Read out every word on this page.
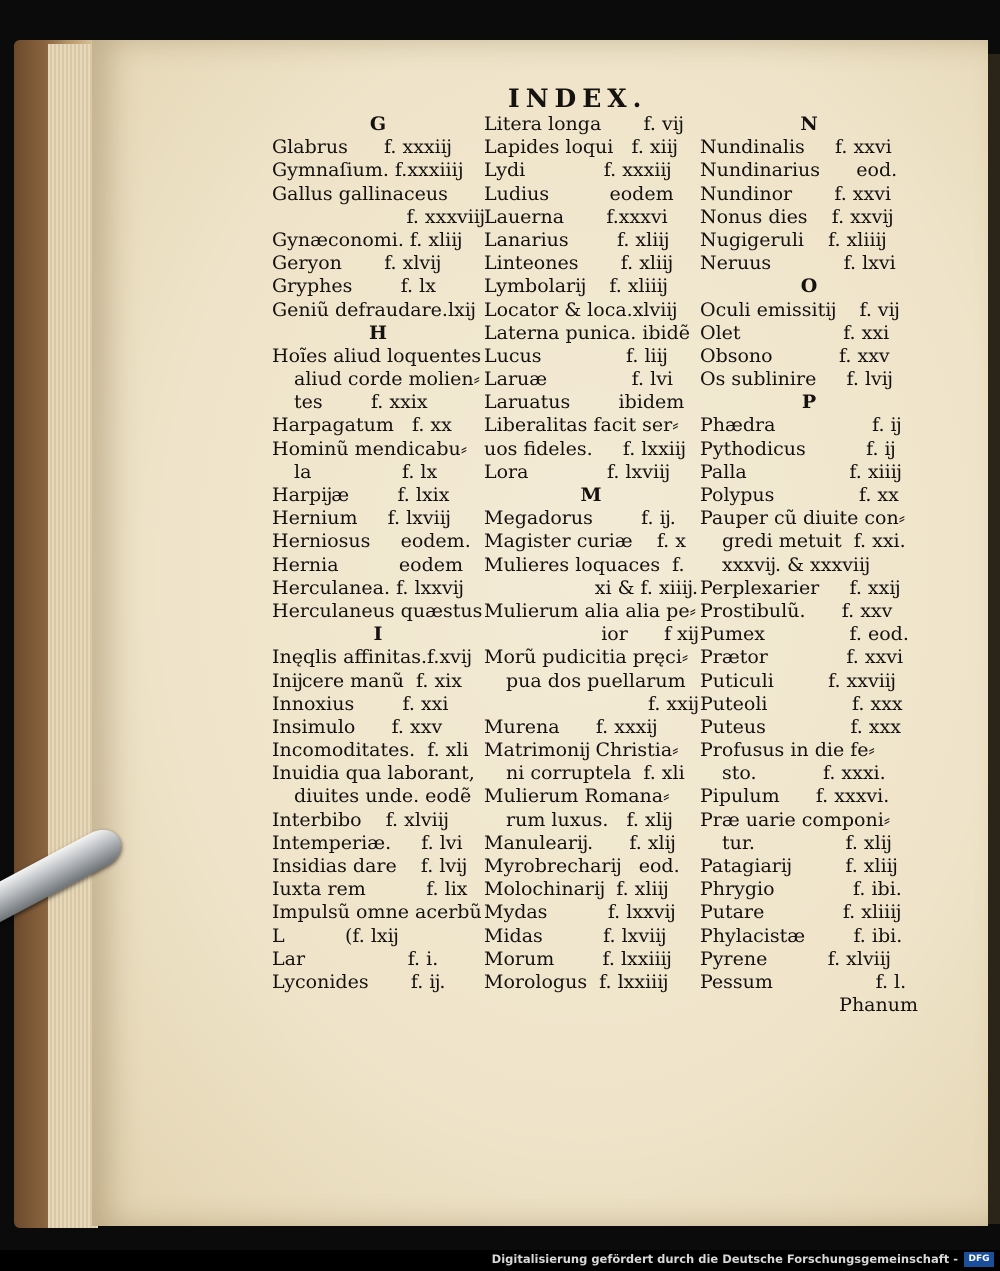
INDEX.
G
Glabrus      f. xxxiĳ
Gymnaſium. f.xxxiiij
Gallus gallinaceus
f. xxxviĳ
Gynæconomi. f. xliĳ
Geryon       f. xlvĳ
Gryphes        f. lx
Geniũ defraudare.lxĳ
H
Hoĩes aliud loquentes
aliud corde molien⸗
tes        f. xxix
Harpagatum   f. xx
Hominũ mendicabu⸗
la               f. lx
Harpĳæ        f. lxix
Hernium     f. lxviĳ
Herniosus     eodem.
Hernia          eodem
Herculanea. f. lxxvĳ
Herculaneus quæstus
I
Inęqlis affinitas.f.xvĳ
Inĳcere manũ  f. xix
Innoxius        f. xxi
Insimulo      f. xxv
Incomoditates.  f. xli
Inuidia qua laborant,
diuites unde. eodẽ
Interbibo    f. xlviĳ
Intemperiæ.     f. lvi
Insidias dare    f. lvĳ
Iuxta rem          f. lix
Impulsũ omne acerbũ
L          (f. lxĳ
Lar                 f. i.
Lyconides       f. ĳ.
Litera longa       f. vĳ
Lapides loqui   f. xiĳ
Lydi             f. xxxiĳ
Ludius          eodem
Lauerna       f.xxxvi
Lanarius        f. xliĳ
Linteones       f. xliĳ
Lymbolarĳ    f. xliiĳ
Locator & loca.xlviĳ
Laterna punica. ibidẽ
Lucus              f. liĳ
Laruæ              f. lvi
Laruatus        ibidem
Liberalitas facit ser⸗
uos fideles.     f. lxxiĳ
Lora             f. lxviĳ
M
Megadorus        f. ĳ.
Magister curiæ    f. x
Mulieres loquaces  f.
xi & f. xiiĳ.
Mulierum alia alia pe⸗
ior      f xĳ
Morũ pudicitia pręci⸗
pua dos puellarum
f. xxĳ
Murena      f. xxxĳ
Matrimonĳ Christia⸗
ni corruptela  f. xli
Mulierum Romana⸗
rum luxus.   f. xlĳ
Manulearĳ.      f. xlĳ
Myrobrecharĳ   eod.
Molochinarĳ  f. xliĳ
Mydas          f. lxxvĳ
Midas          f. lxviĳ
Morum        f. lxxiiĳ
Morologus  f. lxxiiĳ
N
Nundinalis     f. xxvi
Nundinarius      eod.
Nundinor       f. xxvi
Nonus dies    f. xxvĳ
Nugigeruli    f. xliiĳ
Neruus            f. lxvi
O
Oculi emissitĳ    f. vĳ
Olet                 f. xxi
Obsono           f. xxv
Os sublinire     f. lvĳ
P
Phædra                f. ĳ
Pythodicus          f. ĳ
Palla                 f. xiiĳ
Polypus              f. xx
Pauper cũ diuite con⸗
gredi metuit  f. xxi.
xxxvĳ. & xxxviĳ
Perplexarier     f. xxĳ
Prostibulũ.      f. xxv
Pumex              f. eod.
Prætor             f. xxvi
Puticuli         f. xxviĳ
Puteoli              f. xxx
Puteus              f. xxx
Profusus in die fe⸗
sto.           f. xxxi.
Pipulum      f. xxxvi.
Præ uarie componi⸗
tur.               f. xlĳ
Patagiarĳ         f. xliĳ
Phrygio             f. ibi.
Putare             f. xliiĳ
Phylacistæ        f. ibi.
Pyrene          f. xlviĳ
Pessum                 f. l.
Phanum
Digitalisierung gefördert durch die Deutsche Forschungsgemeinschaft -	DFG
